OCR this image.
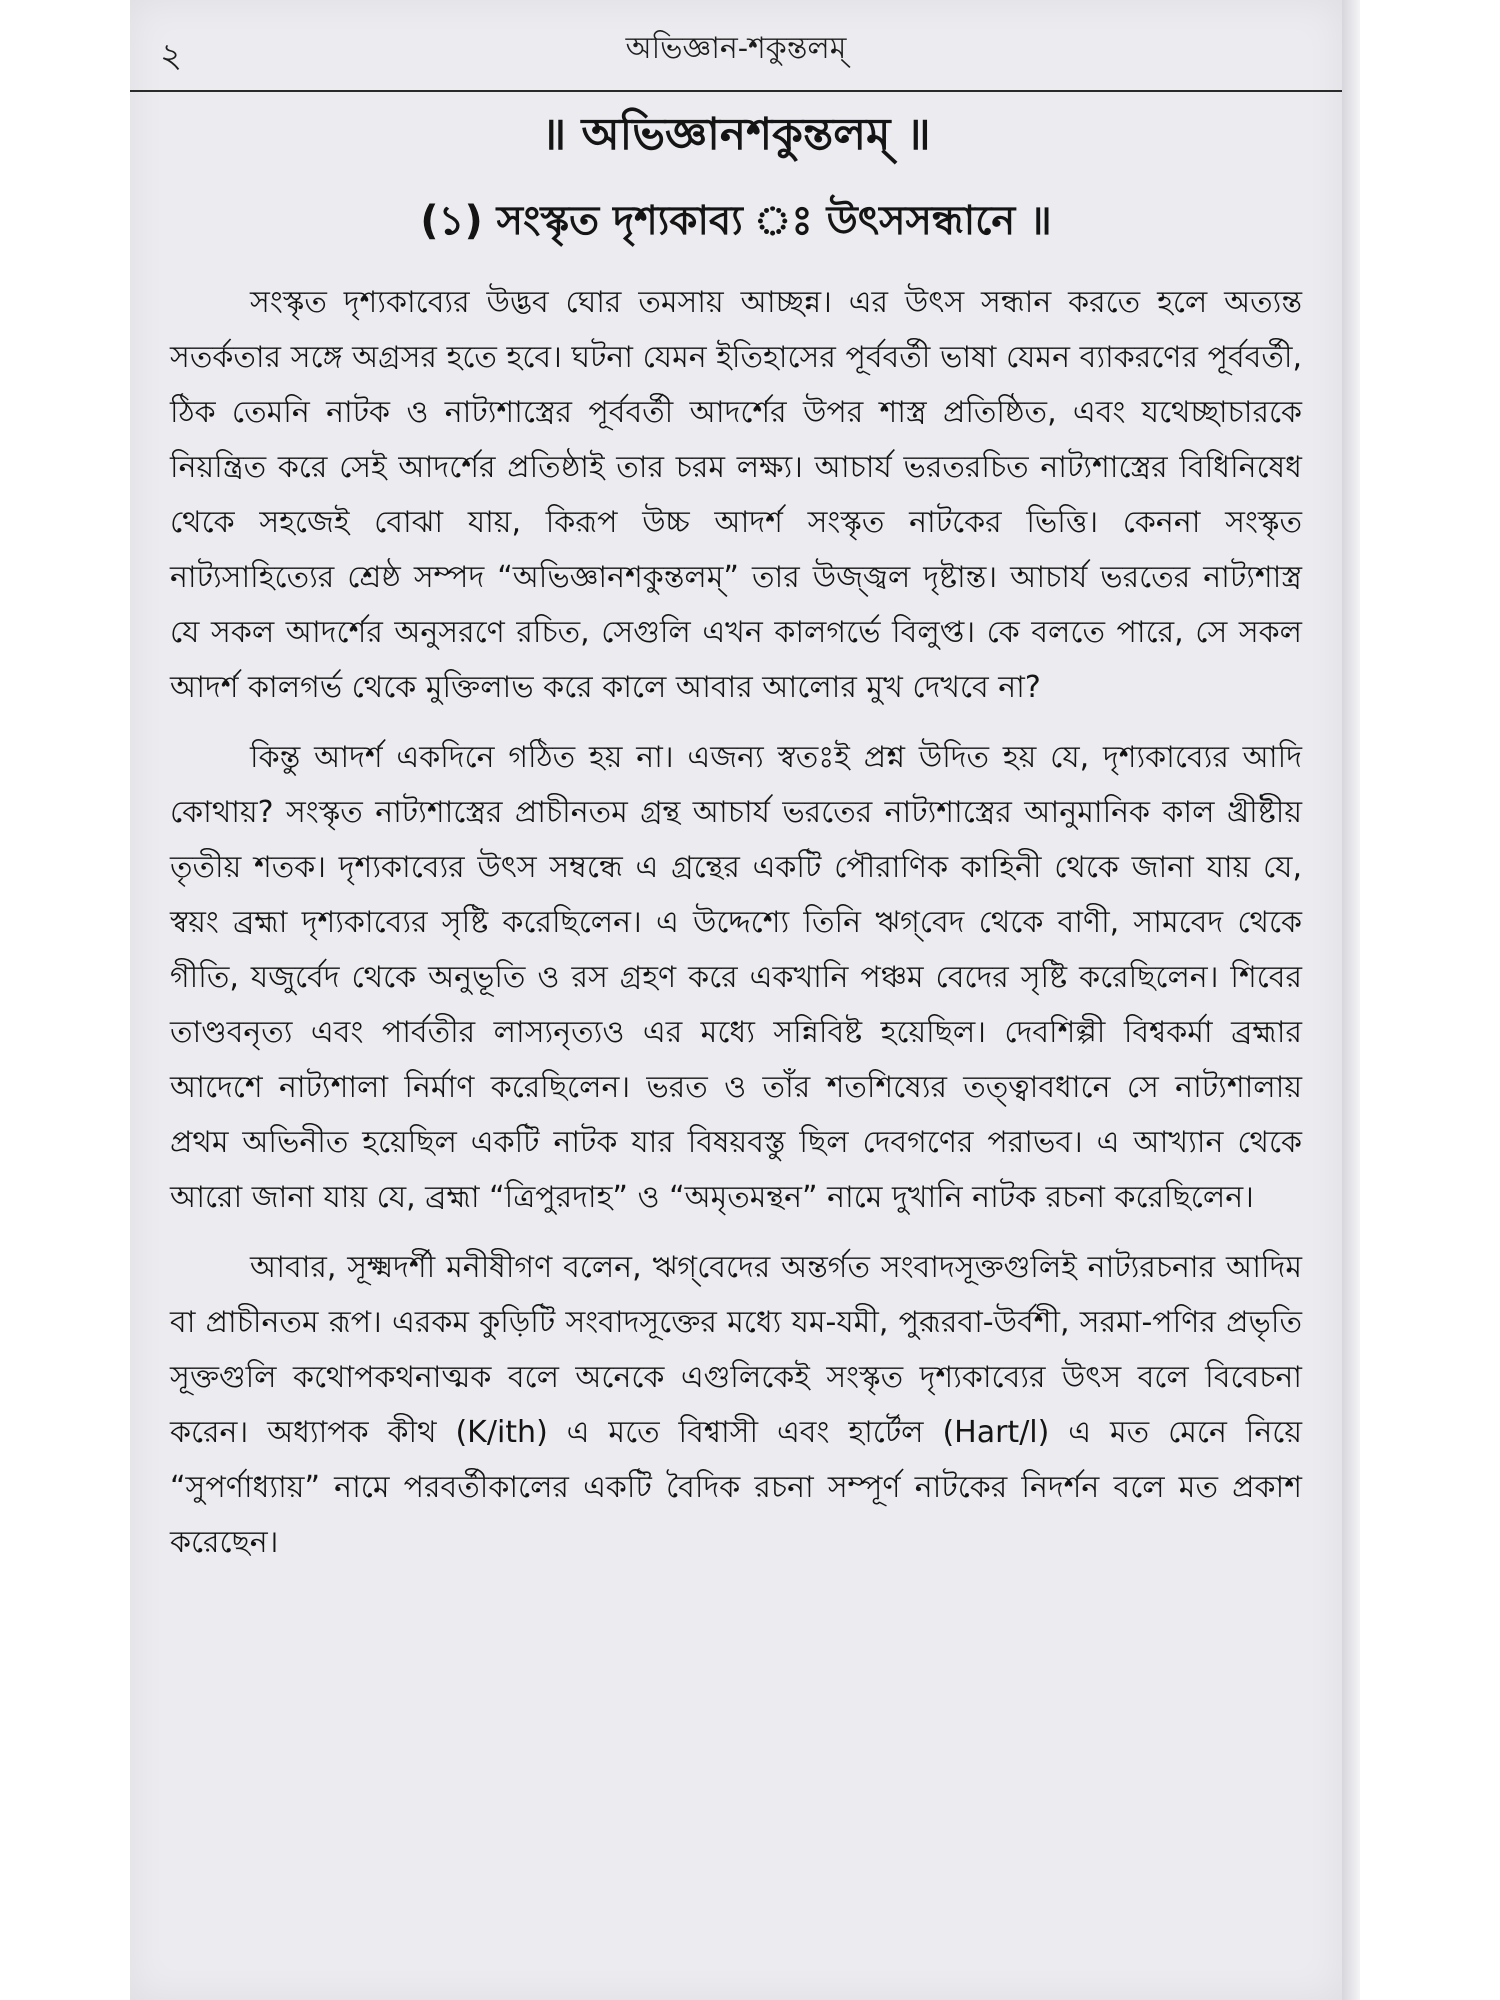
২	অভিজ্ঞান-শকুন্তলম্
॥ অভিজ্ঞানশকুন্তলম্ ॥
(১) সংস্কৃত দৃশ্যকাব্য ঃ উৎসসন্ধানে ॥

সংস্কৃত দৃশ্যকাব্যের উদ্ভব ঘোর তমসায় আচ্ছন্ন। এর উৎস সন্ধান করতে হলে অত্যন্ত সতর্কতার সঙ্গে অগ্রসর হতে হবে। ঘটনা যেমন ইতিহাসের পূর্ববর্তী ভাষা যেমন ব্যাকরণের পূর্ববর্তী, ঠিক তেমনি নাটক ও নাট্যশাস্ত্রের পূর্ববর্তী আদর্শের উপর শাস্ত্র প্রতিষ্ঠিত, এবং যথেচ্ছাচারকে নিয়ন্ত্রিত করে সেই আদর্শের প্রতিষ্ঠাই তার চরম লক্ষ্য। আচার্য ভরতরচিত নাট্যশাস্ত্রের বিধিনিষেধ থেকে সহজেই বোঝা যায়, কিরূপ উচ্চ আদর্শ সংস্কৃত নাটকের ভিত্তি। কেননা সংস্কৃত নাট্যসাহিত্যের শ্রেষ্ঠ সম্পদ “অভিজ্ঞানশকুন্তলম্” তার উজ্জ্বল দৃষ্টান্ত। আচার্য ভরতের নাট্যশাস্ত্র যে সকল আদর্শের অনুসরণে রচিত, সেগুলি এখন কালগর্ভে বিলুপ্ত। কে বলতে পারে, সে সকল আদর্শ কালগর্ভ থেকে মুক্তিলাভ করে কালে আবার আলোর মুখ দেখবে না?

কিন্তু আদর্শ একদিনে গঠিত হয় না। এজন্য স্বতঃই প্রশ্ন উদিত হয় যে, দৃশ্যকাব্যের আদি কোথায়? সংস্কৃত নাট্যশাস্ত্রের প্রাচীনতম গ্রন্থ আচার্য ভরতের নাট্যশাস্ত্রের আনুমানিক কাল খ্রীষ্টীয় তৃতীয় শতক। দৃশ্যকাব্যের উৎস সম্বন্ধে এ গ্রন্থের একটি পৌরাণিক কাহিনী থেকে জানা যায় যে, স্বয়ং ব্রহ্মা দৃশ্যকাব্যের সৃষ্টি করেছিলেন। এ উদ্দেশ্যে তিনি ঋগ্‌বেদ থেকে বাণী, সামবেদ থেকে গীতি, যজুর্বেদ থেকে অনুভূতি ও রস গ্রহণ করে একখানি পঞ্চম বেদের সৃষ্টি করেছিলেন। শিবের তাণ্ডবনৃত্য এবং পার্বতীর লাস্যনৃত্যও এর মধ্যে সন্নিবিষ্ট হয়েছিল। দেবশিল্পী বিশ্বকর্মা ব্রহ্মার আদেশে নাট্যশালা নির্মাণ করেছিলেন। ভরত ও তাঁর শতশিষ্যের তত্ত্বাবধানে সে নাট্যশালায় প্রথম অভিনীত হয়েছিল একটি নাটক যার বিষয়বস্তু ছিল দেবগণের পরাভব। এ আখ্যান থেকে আরো জানা যায় যে, ব্রহ্মা “ত্রিপুরদাহ” ও “অমৃতমন্থন” নামে দুখানি নাটক রচনা করেছিলেন।

আবার, সূক্ষ্মদর্শী মনীষীগণ বলেন, ঋগ্‌বেদের অন্তর্গত সংবাদসূক্তগুলিই নাট্যরচনার আদিম বা প্রাচীনতম রূপ। এরকম কুড়িটি সংবাদসূক্তের মধ্যে যম-যমী, পুরূরবা-উর্বশী, সরমা-পণির প্রভৃতি সূক্তগুলি কথোপকথনাত্মক বলে অনেকে এগুলিকেই সংস্কৃত দৃশ্যকাব্যের উৎস বলে বিবেচনা করেন। অধ্যাপক কীথ (K/ith) এ মতে বিশ্বাসী এবং হার্টেল (Hart/l) এ মত মেনে নিয়ে “সুপর্ণাধ্যায়” নামে পরবর্তীকালের একটি বৈদিক রচনা সম্পূর্ণ নাটকের নিদর্শন বলে মত প্রকাশ করেছেন।
